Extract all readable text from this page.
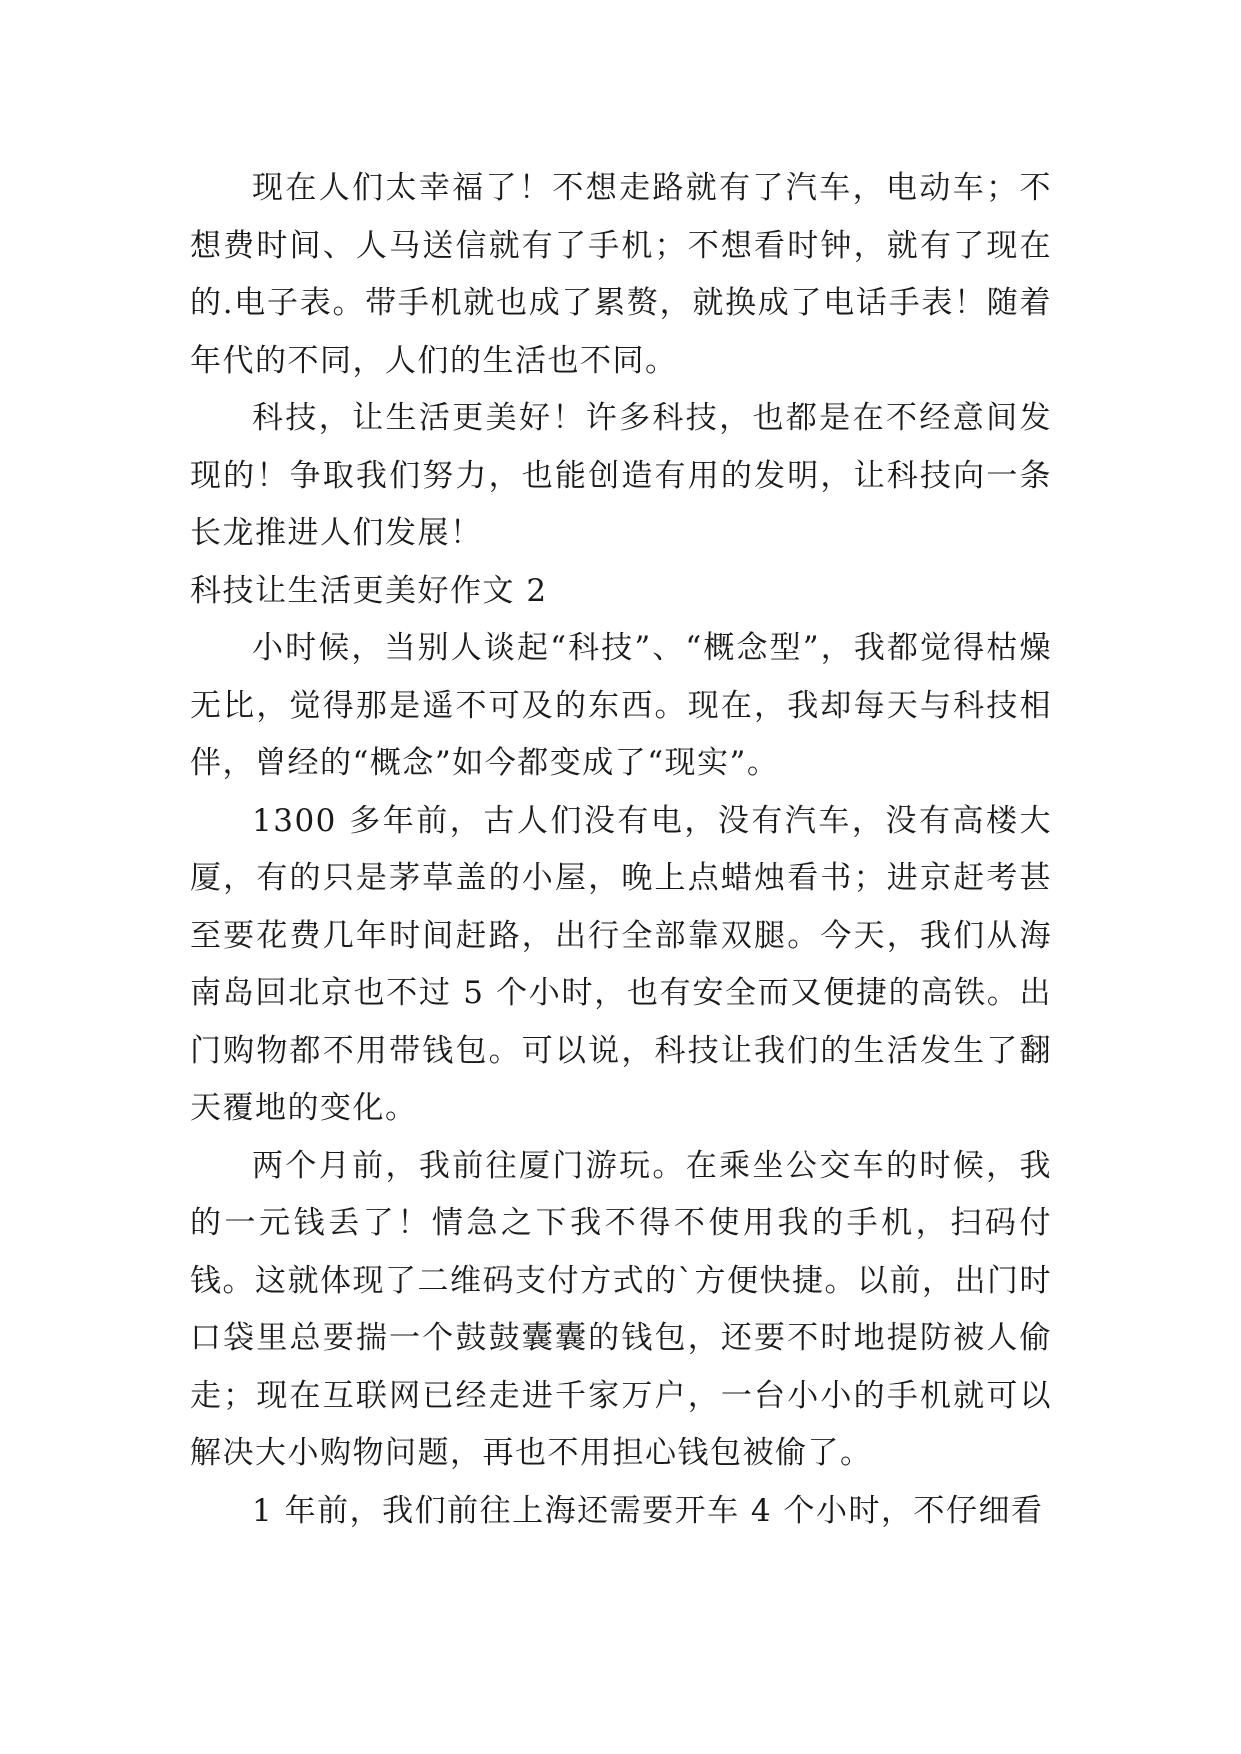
现在人们太幸福了！不想走路就有了汽车，电动车；不想费时间、人马送信就有了手机；不想看时钟，就有了现在的.电子表。带手机就也成了累赘，就换成了电话手表！随着年代的不同，人们的生活也不同。

科技，让生活更美好！许多科技，也都是在不经意间发现的！争取我们努力，也能创造有用的发明，让科技向一条长龙推进人们发展！

科技让生活更美好作文 2

小时候，当别人谈起“科技”、“概念型”，我都觉得枯燥无比，觉得那是遥不可及的东西。现在，我却每天与科技相伴，曾经的“概念”如今都变成了“现实”。

1300 多年前，古人们没有电，没有汽车，没有高楼大厦，有的只是茅草盖的小屋，晚上点蜡烛看书；进京赶考甚至要花费几年时间赶路，出行全部靠双腿。今天，我们从海南岛回北京也不过 5 个小时，也有安全而又便捷的高铁。出门购物都不用带钱包。可以说，科技让我们的生活发生了翻天覆地的变化。

两个月前，我前往厦门游玩。在乘坐公交车的时候，我的一元钱丢了！情急之下我不得不使用我的手机，扫码付钱。这就体现了二维码支付方式的`方便快捷。以前，出门时口袋里总要揣一个鼓鼓囊囊的钱包，还要不时地提防被人偷走；现在互联网已经走进千家万户，一台小小的手机就可以解决大小购物问题，再也不用担心钱包被偷了。

1 年前，我们前往上海还需要开车 4 个小时，不仔细看
